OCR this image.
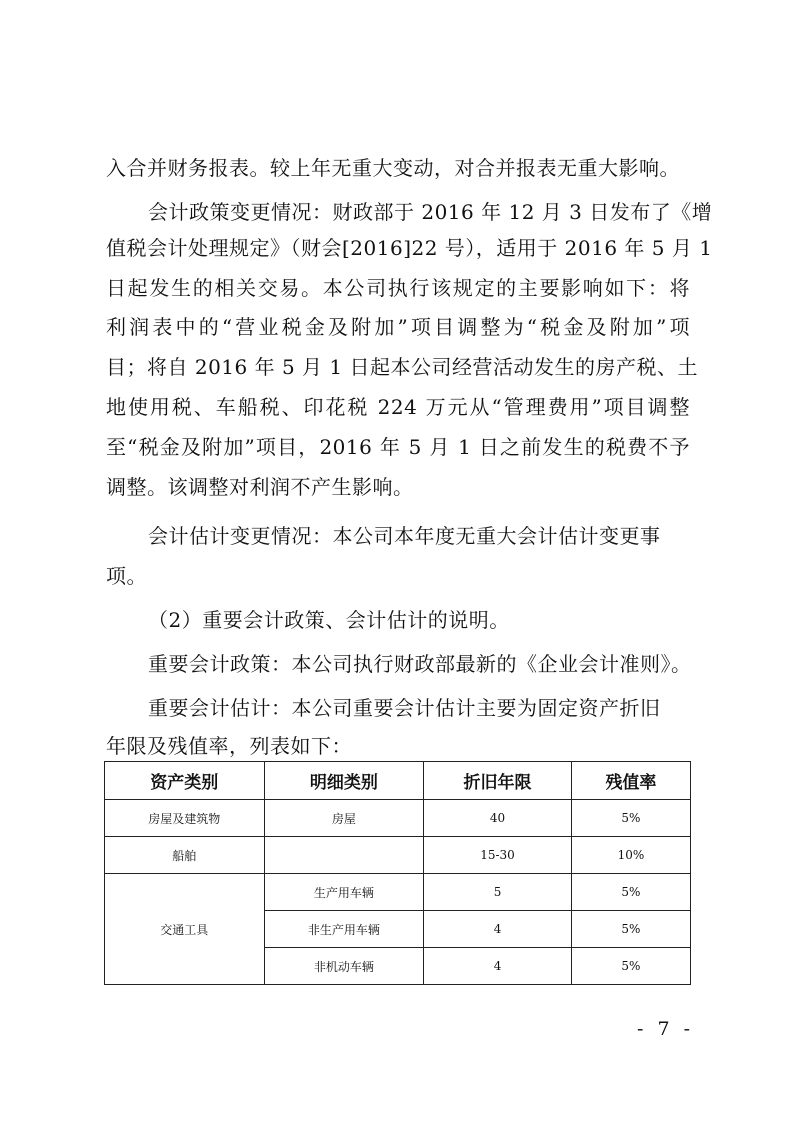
入合并财务报表。较上年无重大变动，对合并报表无重大影响。
会计政策变更情况：财政部于 2016 年 12 月 3 日发布了《增
值税会计处理规定》（财会[2016]22 号），适用于 2016 年 5 月 1
日起发生的相关交易。本公司执行该规定的主要影响如下：将
利润表中的“营业税金及附加”项目调整为“税金及附加”项
目；将自 2016 年 5 月 1 日起本公司经营活动发生的房产税、土
地使用税、车船税、印花税 224 万元从“管理费用”项目调整
至“税金及附加”项目，2016 年 5 月 1 日之前发生的税费不予
调整。该调整对利润不产生影响。
会计估计变更情况：本公司本年度无重大会计估计变更事
项。
（2）重要会计政策、会计估计的说明。
重要会计政策：本公司执行财政部最新的《企业会计准则》。
重要会计估计：本公司重要会计估计主要为固定资产折旧
年限及残值率，列表如下：
资产类别	明细类别	折旧年限	残值率
房屋及建筑物	房屋	40	5%
船舶		15-30	10%
交通工具	生产用车辆	5	5%
	非生产用车辆	4	5%
	非机动车辆	4	5%
- 7 -
